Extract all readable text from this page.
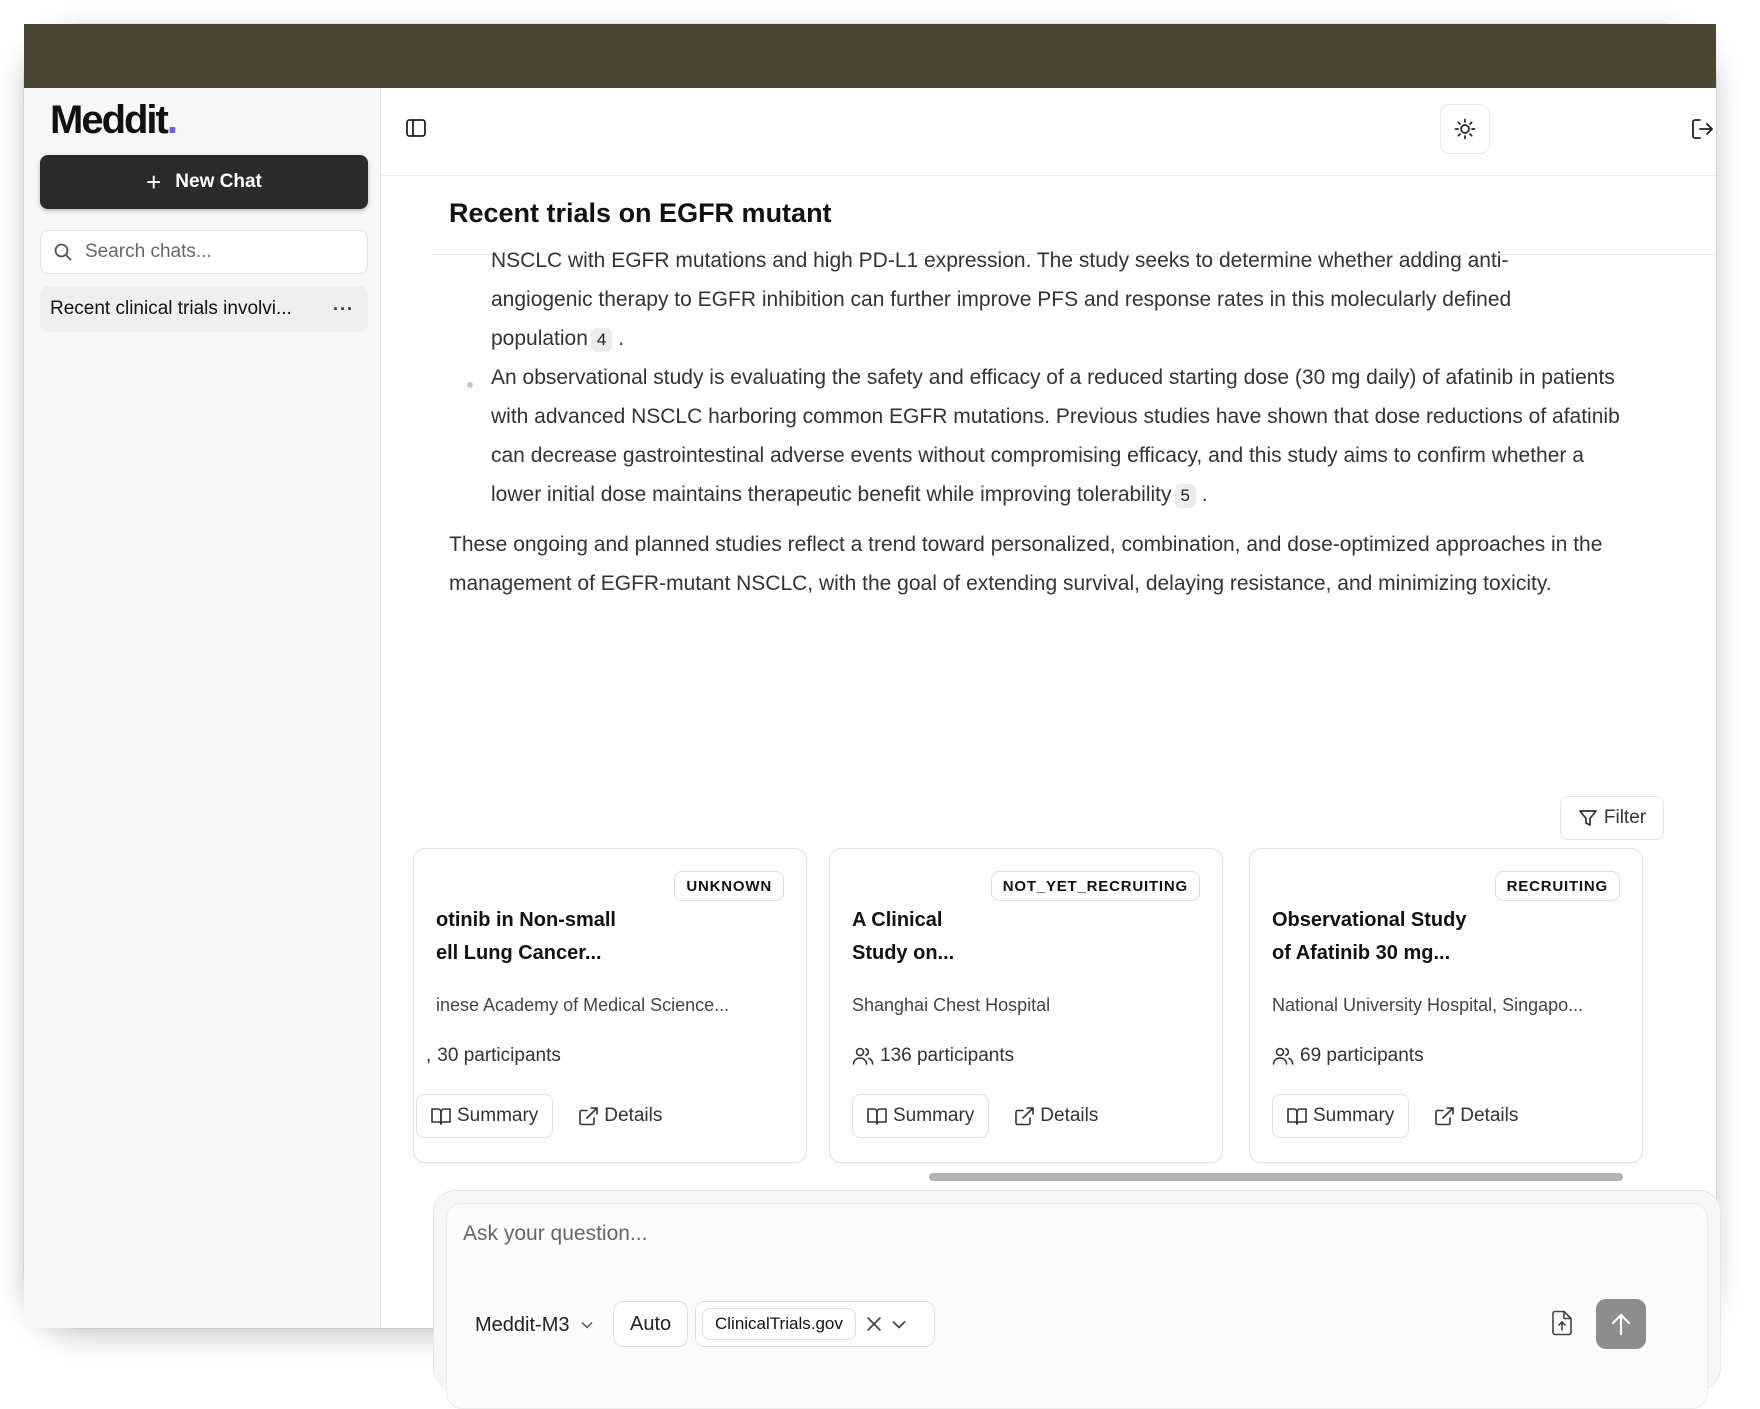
Meddit.
+ New Chat
Search chats...
Recent clinical trials involvi... ···
Recent trials on EGFR mutant

NSCLC with EGFR mutations and high PD-L1 expression. The study seeks to determine whether adding anti-angiogenic therapy to EGFR inhibition can further improve PFS and response rates in this molecularly defined population 4 .

An observational study is evaluating the safety and efficacy of a reduced starting dose (30 mg daily) of afatinib in patients with advanced NSCLC harboring common EGFR mutations. Previous studies have shown that dose reductions of afatinib can decrease gastrointestinal adverse events without compromising efficacy, and this study aims to confirm whether a lower initial dose maintains therapeutic benefit while improving tolerability 5 .

These ongoing and planned studies reflect a trend toward personalized, combination, and dose-optimized approaches in the management of EGFR-mutant NSCLC, with the goal of extending survival, delaying resistance, and minimizing toxicity.

Filter
UNKNOWN
otinib in Non-small
ell Lung Cancer...
inese Academy of Medical Science...
, 30 participants
Summary	Details
NOT_YET_RECRUITING
A Clinical
Study on...
Shanghai Chest Hospital
136 participants
Summary	Details
RECRUITING
Observational Study
of Afatinib 30 mg...
National University Hospital, Singapo...
69 participants
Summary	Details
Ask your question...
Meddit-M3	Auto	ClinicalTrials.gov
